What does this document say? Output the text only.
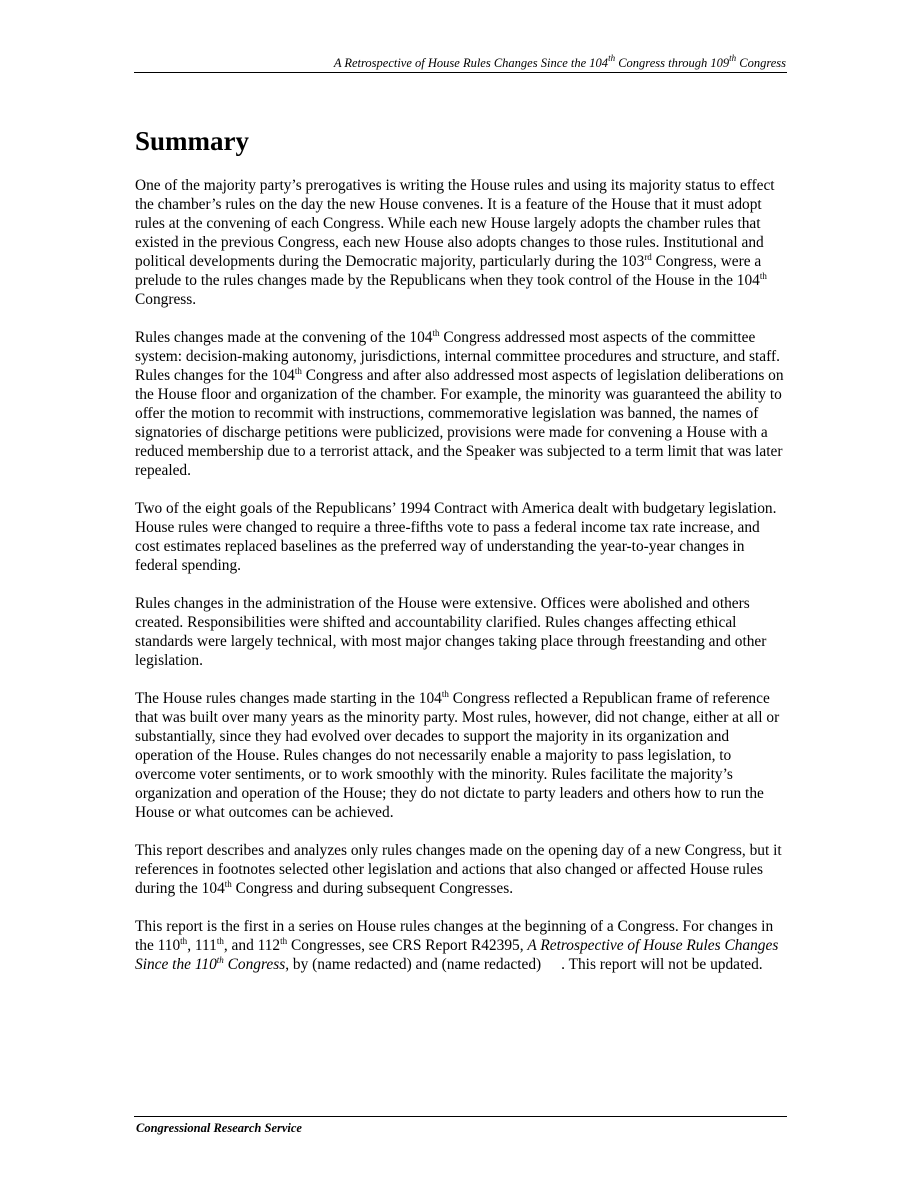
A Retrospective of House Rules Changes Since the 104th Congress through 109th Congress
Summary

One of the majority party’s prerogatives is writing the House rules and using its majority status to effect the chamber’s rules on the day the new House convenes. It is a feature of the House that it must adopt rules at the convening of each Congress. While each new House largely adopts the chamber rules that existed in the previous Congress, each new House also adopts changes to those rules. Institutional and political developments during the Democratic majority, particularly during the 103rd Congress, were a prelude to the rules changes made by the Republicans when they took control of the House in the 104th Congress.

Rules changes made at the convening of the 104th Congress addressed most aspects of the committee system: decision-making autonomy, jurisdictions, internal committee procedures and structure, and staff. Rules changes for the 104th Congress and after also addressed most aspects of legislation deliberations on the House floor and organization of the chamber. For example, the minority was guaranteed the ability to offer the motion to recommit with instructions, commemorative legislation was banned, the names of signatories of discharge petitions were publicized, provisions were made for convening a House with a reduced membership due to a terrorist attack, and the Speaker was subjected to a term limit that was later repealed.

Two of the eight goals of the Republicans’ 1994 Contract with America dealt with budgetary legislation. House rules were changed to require a three-fifths vote to pass a federal income tax rate increase, and cost estimates replaced baselines as the preferred way of understanding the year-to-year changes in federal spending.

Rules changes in the administration of the House were extensive. Offices were abolished and others created. Responsibilities were shifted and accountability clarified. Rules changes affecting ethical standards were largely technical, with most major changes taking place through freestanding and other legislation.

The House rules changes made starting in the 104th Congress reflected a Republican frame of reference that was built over many years as the minority party. Most rules, however, did not change, either at all or substantially, since they had evolved over decades to support the majority in its organization and operation of the House. Rules changes do not necessarily enable a majority to pass legislation, to overcome voter sentiments, or to work smoothly with the minority. Rules facilitate the majority’s organization and operation of the House; they do not dictate to party leaders and others how to run the House or what outcomes can be achieved.

This report describes and analyzes only rules changes made on the opening day of a new Congress, but it references in footnotes selected other legislation and actions that also changed or affected House rules during the 104th Congress and during subsequent Congresses.

This report is the first in a series on House rules changes at the beginning of a Congress. For changes in the 110th, 111th, and 112th Congresses, see CRS Report R42395, A Retrospective of House Rules Changes Since the 110th Congress, by (name redacted) and (name redacted) . This report will not be updated.

Congressional Research Service
